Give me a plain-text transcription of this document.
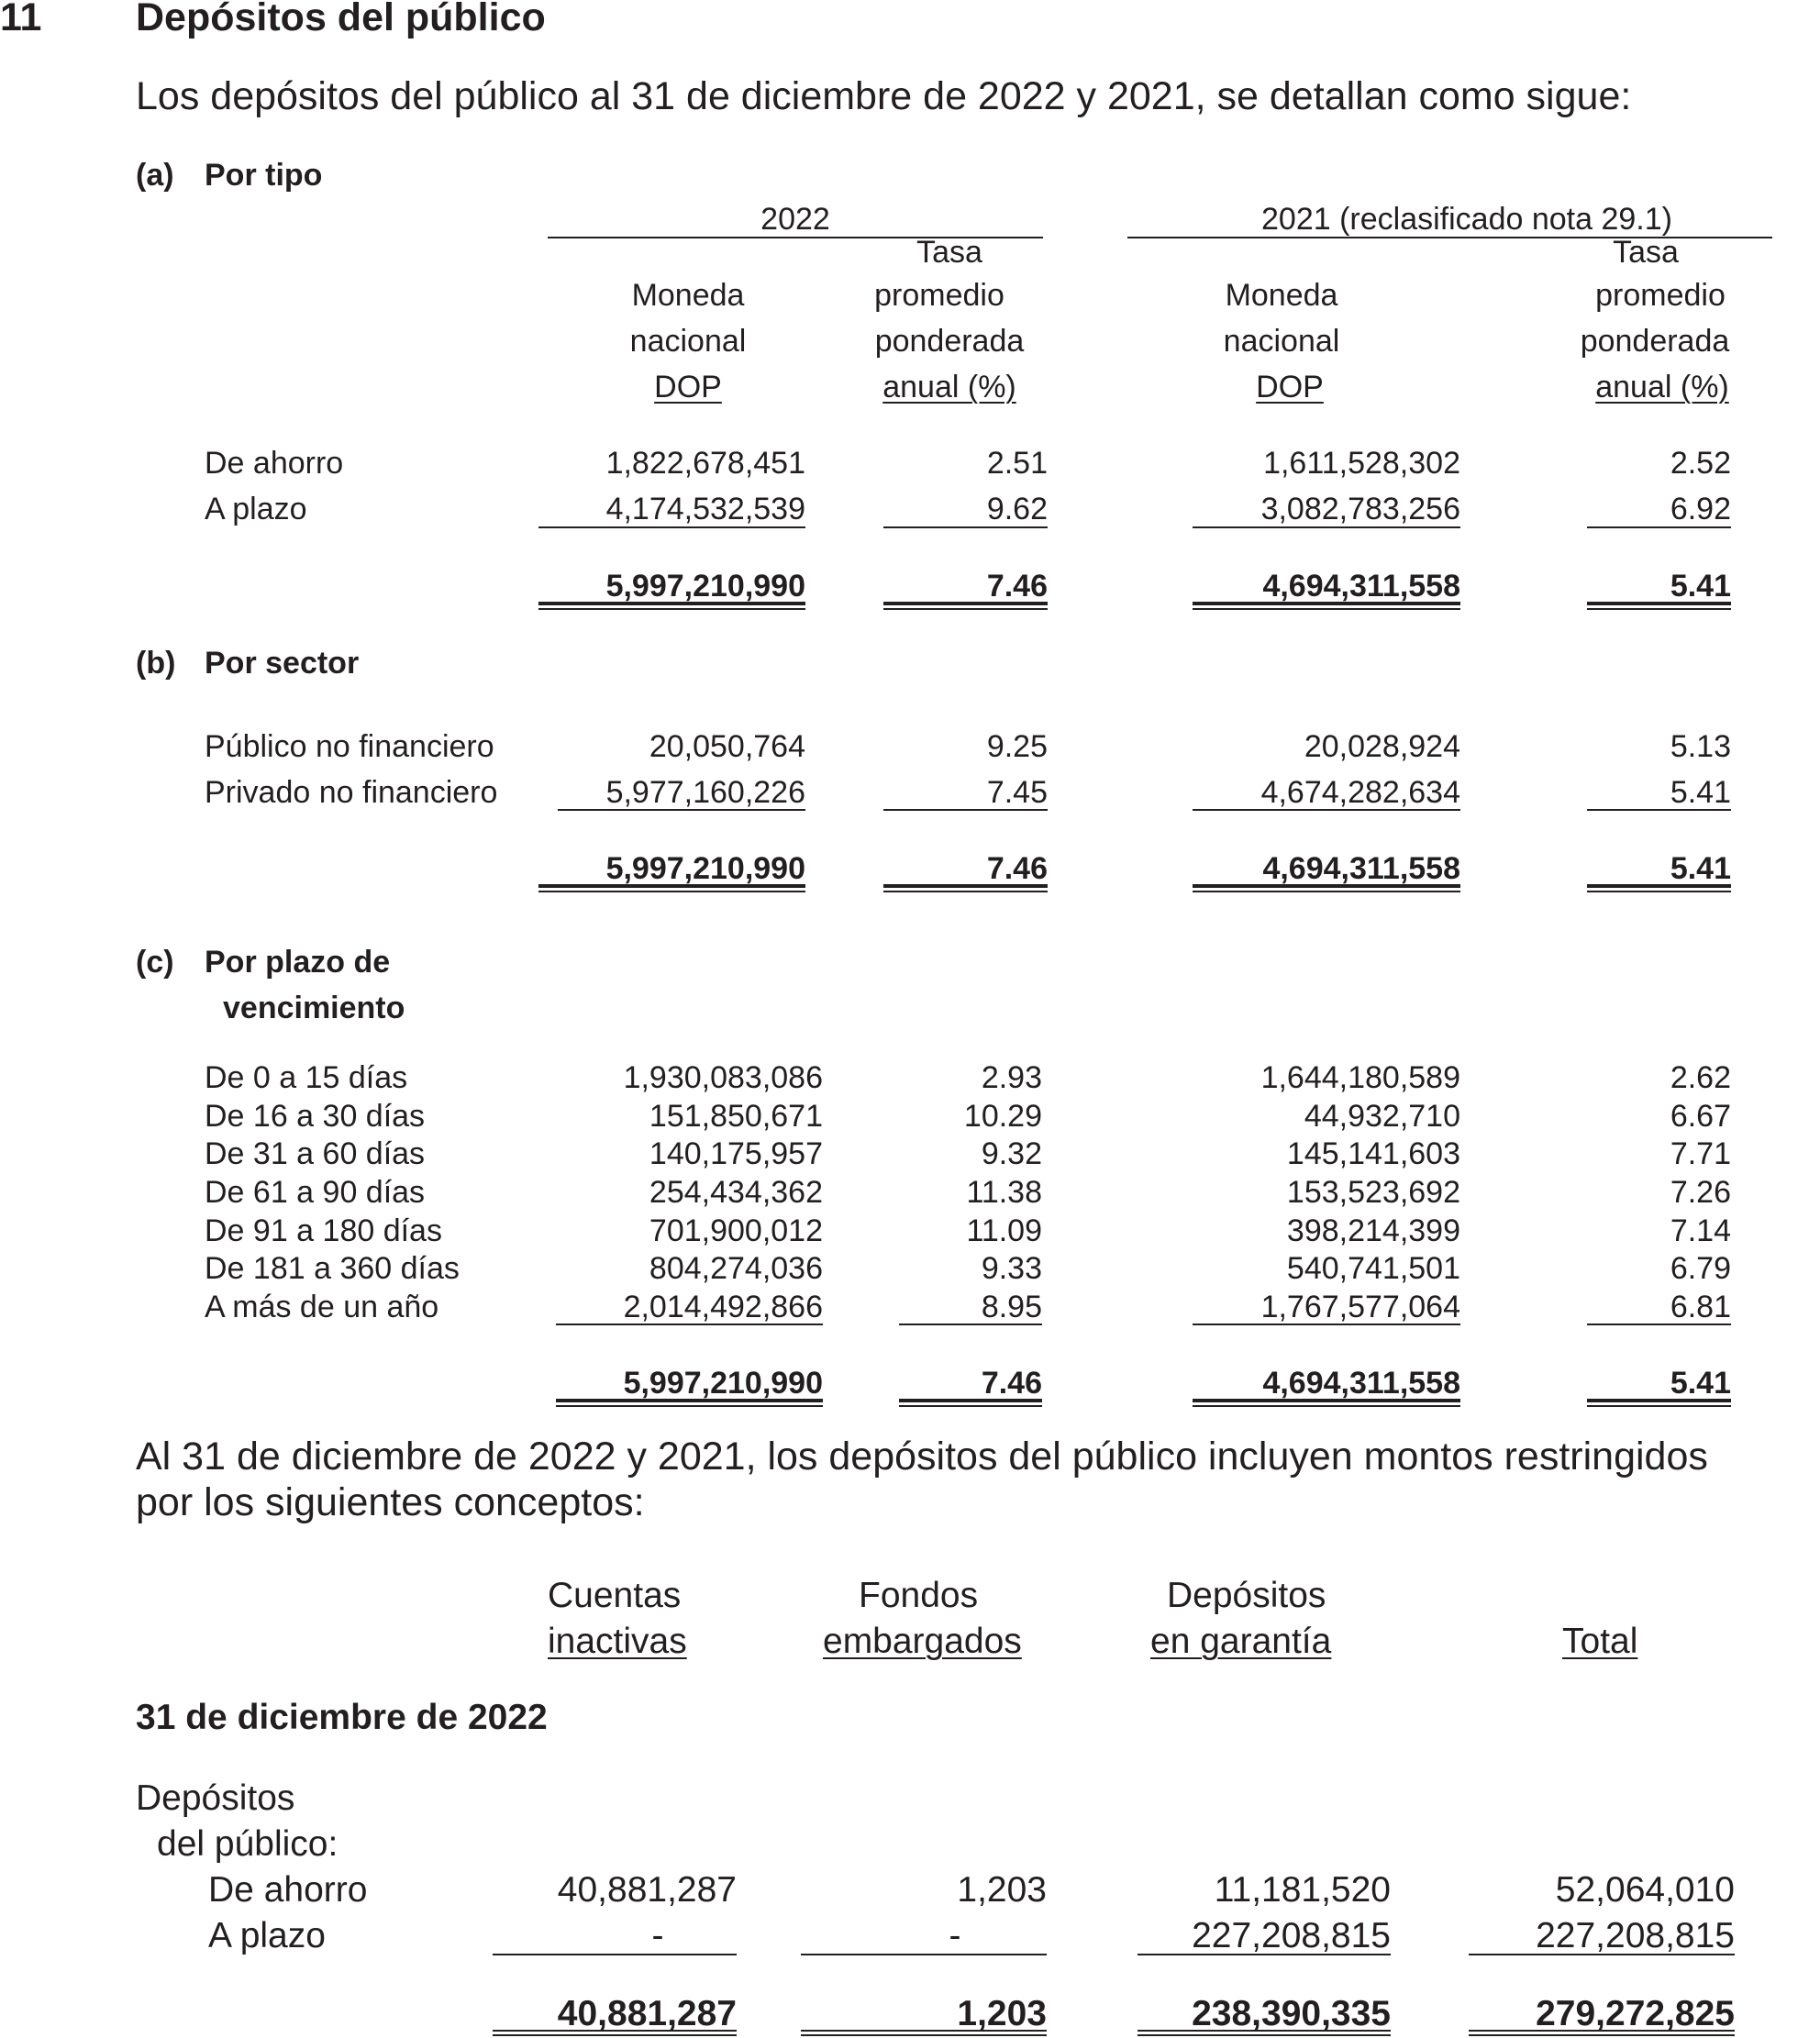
11 Depósitos del público
Los depósitos del público al 31 de diciembre de 2022 y 2021, se detallan como sigue:
(a) Por tipo
2022	2021 (reclasificado nota 29.1)
Moneda
nacional
DOP
Tasa
promedio
ponderada
anual (%)
Moneda
nacional
DOP
Tasa
promedio
ponderada
anual (%)
De ahorro	1,822,678,451	2.51	1,611,528,302	2.52
A plazo	4,174,532,539	9.62	3,082,783,256	6.92
5,997,210,990	7.46	4,694,311,558	5.41
(b) Por sector
Público no financiero	20,050,764	9.25	20,028,924	5.13
Privado no financiero	5,977,160,226	7.45	4,674,282,634	5.41
5,997,210,990	7.46	4,694,311,558	5.41
(c) Por plazo de
vencimiento
De 0 a 15 días	1,930,083,086	2.93	1,644,180,589	2.62
De 16 a 30 días	151,850,671	10.29	44,932,710	6.67
De 31 a 60 días	140,175,957	9.32	145,141,603	7.71
De 61 a 90 días	254,434,362	11.38	153,523,692	7.26
De 91 a 180 días	701,900,012	11.09	398,214,399	7.14
De 181 a 360 días	804,274,036	9.33	540,741,501	6.79
A más de un año	2,014,492,866	8.95	1,767,577,064	6.81
5,997,210,990	7.46	4,694,311,558	5.41
Al 31 de diciembre de 2022 y 2021, los depósitos del público incluyen montos restringidos
por los siguientes conceptos:
Cuentas
inactivas
Fondos
embargados
Depósitos
en garantía	Total
31 de diciembre de 2022
Depósitos
del público:
De ahorro	40,881,287	1,203	11,181,520	52,064,010
A plazo	-	-	227,208,815	227,208,815
40,881,287	1,203	238,390,335	279,272,825
